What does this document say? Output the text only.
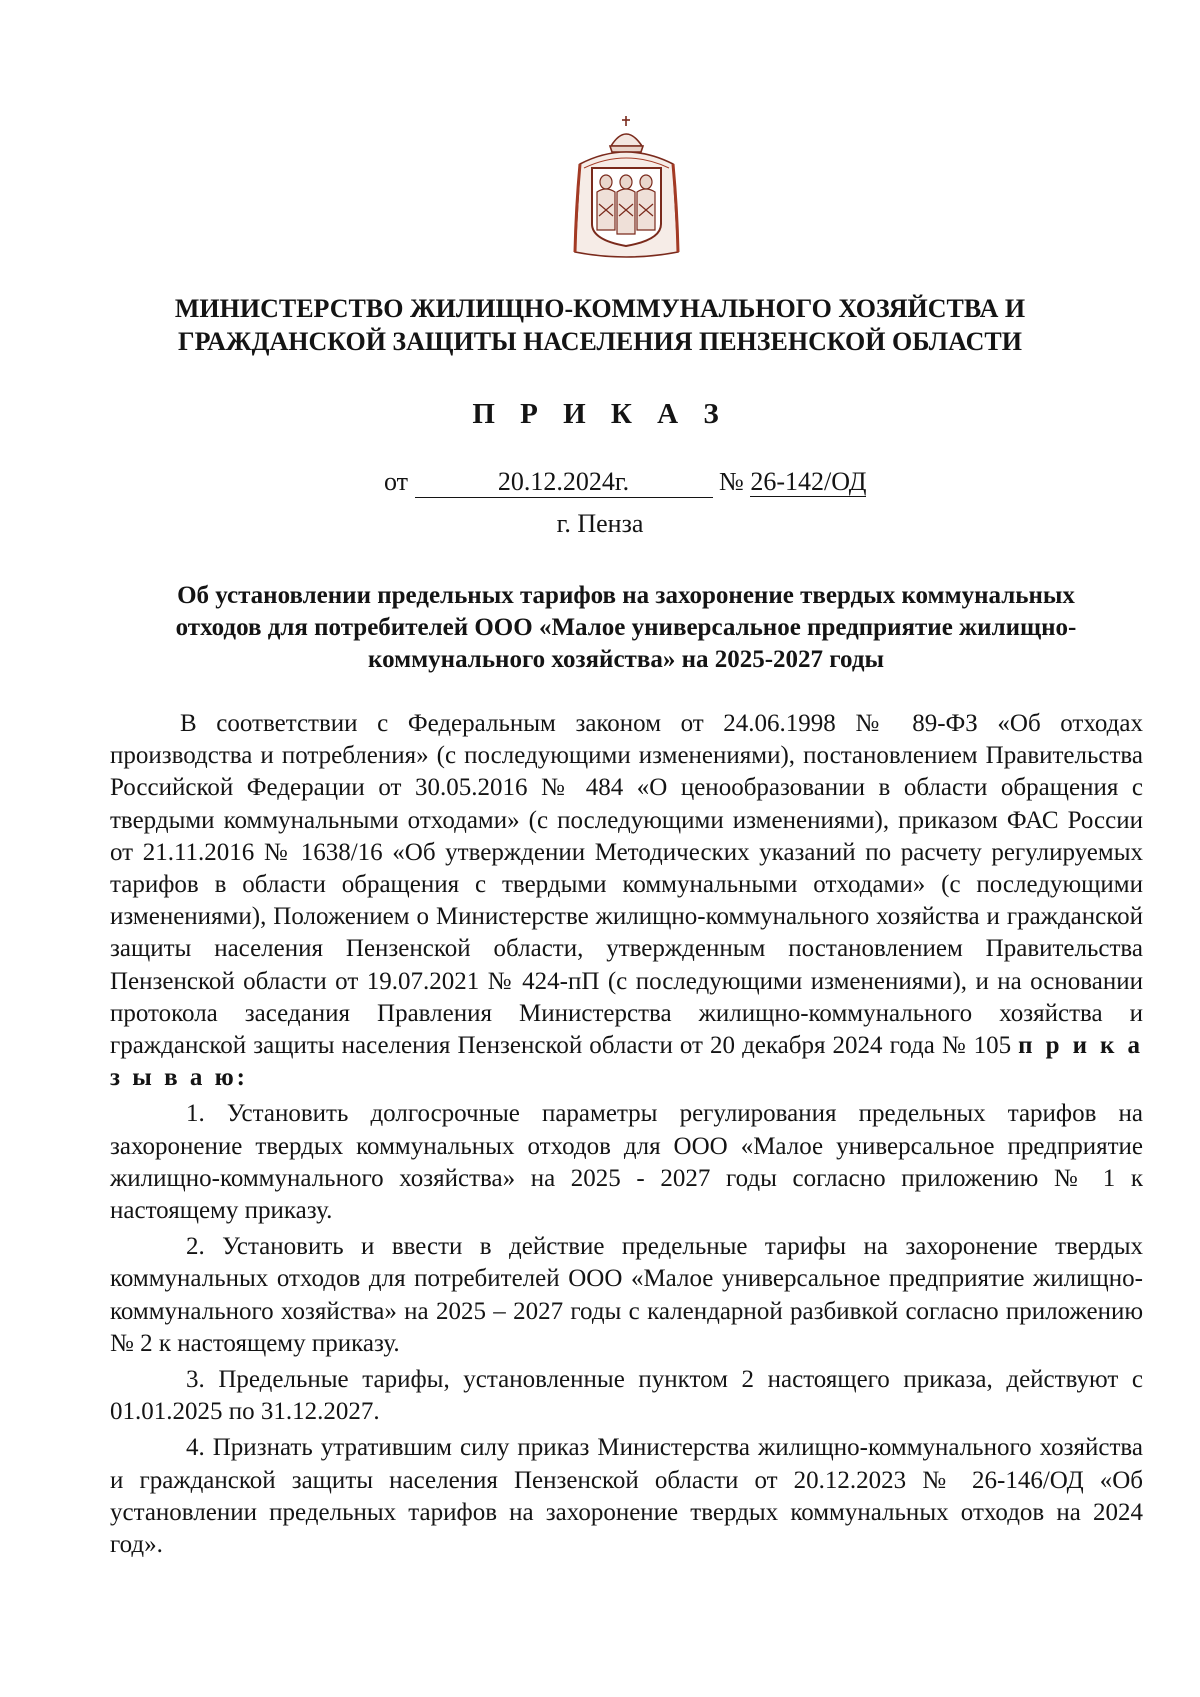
МИНИСТЕРСТВО ЖИЛИЩНО-КОММУНАЛЬНОГО ХОЗЯЙСТВА И
ГРАЖДАНСКОЙ ЗАЩИТЫ НАСЕЛЕНИЯ ПЕНЗЕНСКОЙ ОБЛАСТИ
П Р И К А З
от	20.12.2024г.	№ 26-142/ОД
г. Пенза
Об установлении предельных тарифов на захоронение твердых коммунальных
отходов для потребителей ООО «Малое универсальное предприятие жилищно-
коммунального хозяйства» на 2025-2027 годы

В соответствии с Федеральным законом от 24.06.1998 № 89-ФЗ «Об отходах производства и потребления» (с последующими изменениями), постановлением Правительства Российской Федерации от 30.05.2016 № 484 «О ценообразовании в области обращения с твердыми коммунальными отходами» (с последующими изменениями), приказом ФАС России от 21.11.2016 № 1638/16 «Об утверждении Методических указаний по расчету регулируемых тарифов в области обращения с твердыми коммунальными отходами» (с последующими изменениями), Положением о Министерстве жилищно-коммунального хозяйства и гражданской защиты населения Пензенской области, утвержденным постановлением Правительства Пензенской области от 19.07.2021 № 424-пП (с последующими изменениями), и на основании протокола заседания Правления Министерства жилищно-коммунального хозяйства и гражданской защиты населения Пензенской области от 20 декабря 2024 года № 105 п р и к а з ы в а ю:

1. Установить долгосрочные параметры регулирования предельных тарифов на захоронение твердых коммунальных отходов для ООО «Малое универсальное предприятие жилищно-коммунального хозяйства» на 2025 - 2027 годы согласно приложению № 1 к настоящему приказу.

2. Установить и ввести в действие предельные тарифы на захоронение твердых коммунальных отходов для потребителей ООО «Малое универсальное предприятие жилищно-коммунального хозяйства» на 2025 – 2027 годы с календарной разбивкой согласно приложению № 2 к настоящему приказу.

3. Предельные тарифы, установленные пунктом 2 настоящего приказа, действуют с 01.01.2025 по 31.12.2027.

4. Признать утратившим силу приказ Министерства жилищно-коммунального хозяйства и гражданской защиты населения Пензенской области от 20.12.2023 № 26-146/ОД «Об установлении предельных тарифов на захоронение твердых коммунальных отходов на 2024 год».
